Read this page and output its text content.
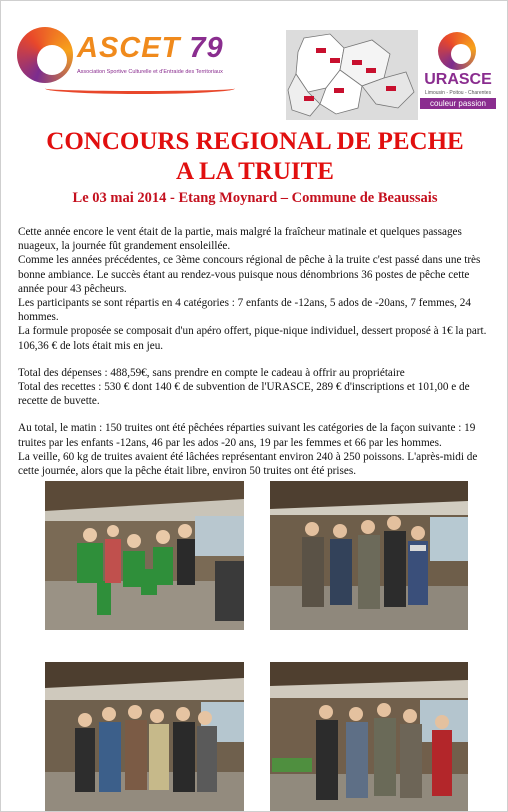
ASCET 79
Association Sportive Culturelle et d'Entraide des Territoriaux	URASCE
Limousin - Poitou - Charentes
couleur passion
CONCOURS REGIONAL DE PECHE
A LA TRUITE
Le 03 mai 2014 - Etang Moynard – Commune de Beaussais

Cette année encore le vent était de la partie, mais malgré la fraîcheur matinale et quelques passages nuageux, la journée fût grandement ensoleillée.

Comme les années précédentes, ce 3ème concours régional de pêche à la truite c'est passé dans une très bonne ambiance. Le succès étant au rendez-vous puisque nous dénombrions 36 postes de pêche cette année pour 43 pêcheurs.

Les participants se sont répartis en 4 catégories : 7 enfants de -12ans, 5 ados de -20ans, 7 femmes, 24 hommes.

La formule proposée se composait d'un apéro offert, pique-nique individuel, dessert proposé à 1€ la part. 106,36 € de lots était mis en jeu.

Total des dépenses : 488,59€, sans prendre en compte le cadeau à offrir au propriétaire

Total des recettes : 530 € dont 140 € de subvention de l'URASCE, 289 € d'inscriptions et 101,00 e de recette de buvette.

Au total, le matin : 150 truites ont été pêchées réparties suivant les catégories de la façon suivante : 19 truites par les enfants -12ans, 46 par les ados -20 ans, 19 par les femmes et 66 par les hommes.

La veille, 60 kg de truites avaient été lâchées représentant environ 240 à 250 poissons. L'après-midi de cette journée, alors que la pêche était libre, environ 50 truites ont été prises.
